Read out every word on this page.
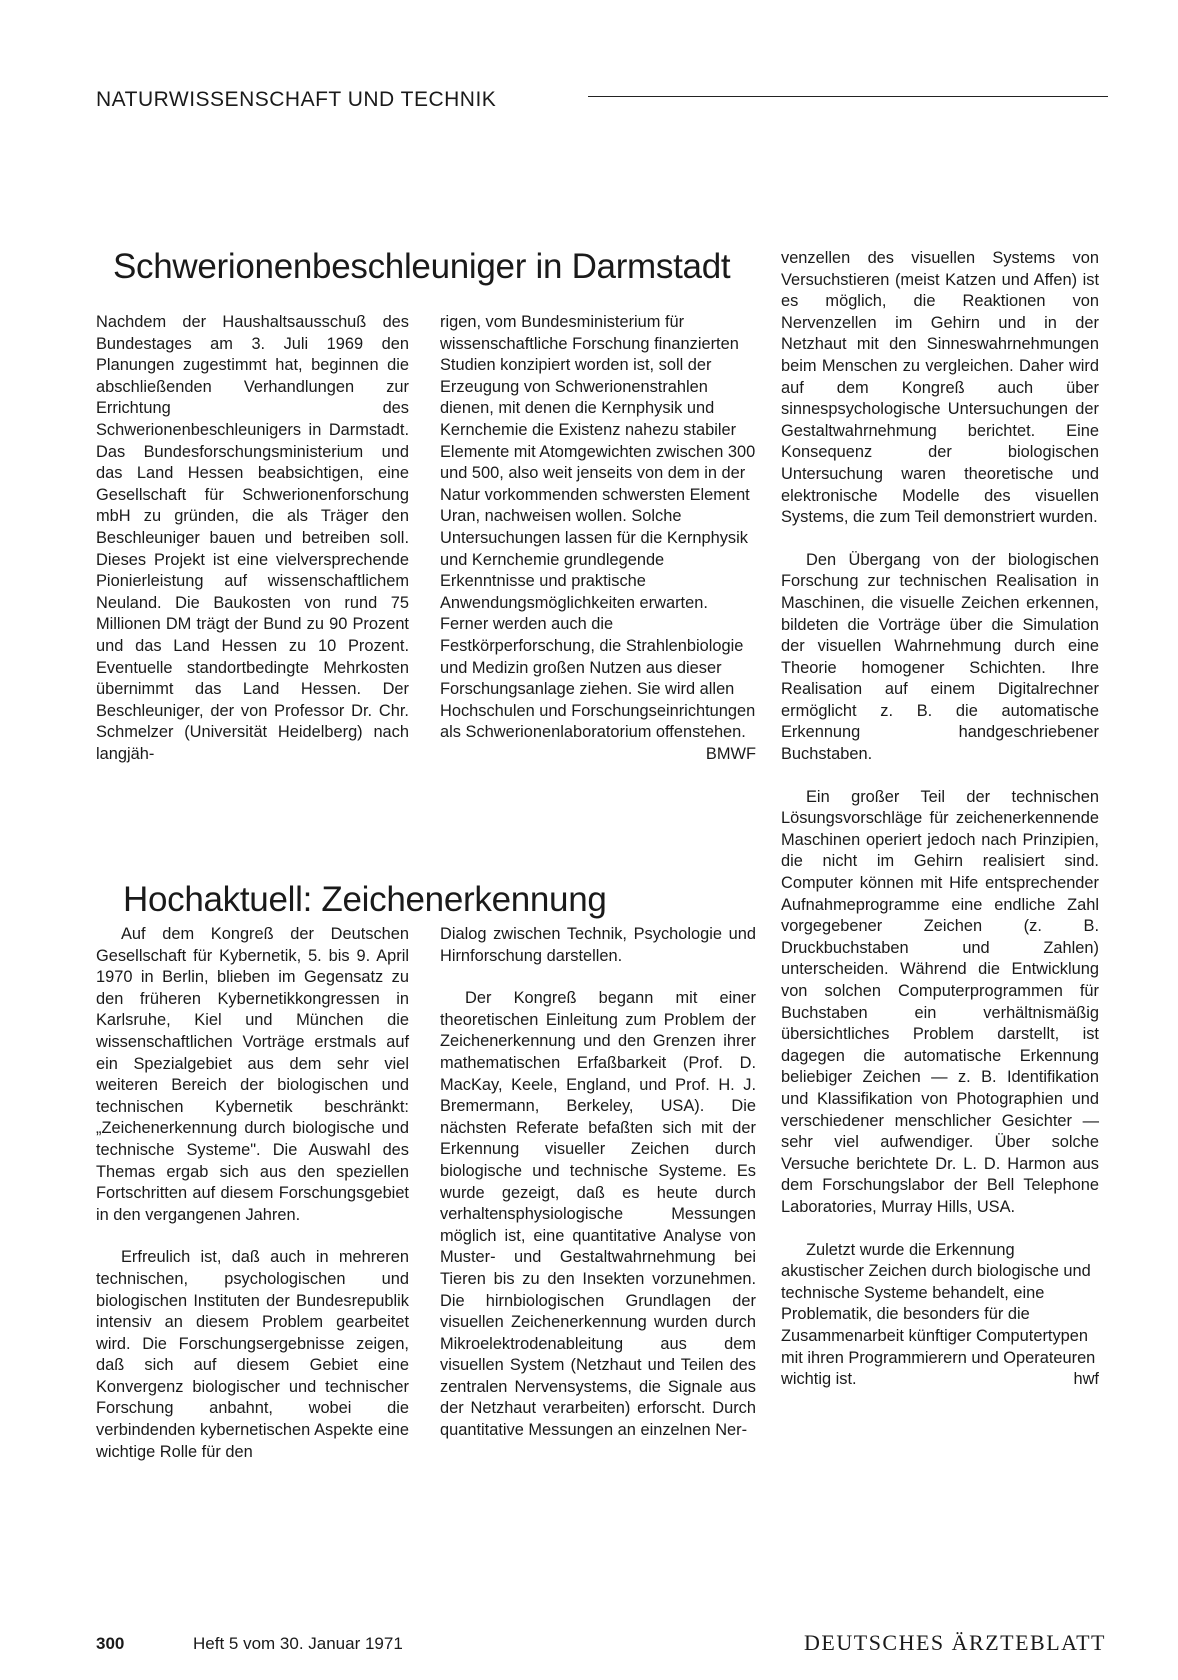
NATURWISSENSCHAFT UND TECHNIK
Schwerionenbeschleuniger in Darmstadt

Nachdem der Haushaltsausschuß des Bundestages am 3. Juli 1969 den Planungen zugestimmt hat, beginnen die abschließenden Verhandlungen zur Errichtung des Schwerionenbeschleunigers in Darmstadt. Das Bundesforschungsministerium und das Land Hessen beabsichtigen, eine Gesellschaft für Schwerionenforschung mbH zu gründen, die als Träger den Beschleuniger bauen und betreiben soll. Dieses Projekt ist eine vielversprechende Pionierleistung auf wissenschaftlichem Neuland. Die Baukosten von rund 75 Millionen DM trägt der Bund zu 90 Prozent und das Land Hessen zu 10 Prozent. Eventuelle standortbedingte Mehrkosten übernimmt das Land Hessen. Der Beschleuniger, der von Professor Dr. Chr. Schmelzer (Universität Heidelberg) nach langjäh-

rigen, vom Bundesministerium für wissenschaftliche Forschung finanzierten Studien konzipiert worden ist, soll der Erzeugung von Schwerionenstrahlen dienen, mit denen die Kernphysik und Kernchemie die Existenz nahezu stabiler Elemente mit Atomgewichten zwischen 300 und 500, also weit jenseits von dem in der Natur vorkommenden schwersten Element Uran, nachweisen wollen. Solche Untersuchungen lassen für die Kernphysik und Kernchemie grundlegende Erkenntnisse und praktische Anwendungsmöglichkeiten erwarten. Ferner werden auch die Festkörperforschung, die Strahlenbiologie und Medizin großen Nutzen aus dieser Forschungsanlage ziehen. Sie wird allen Hochschulen und Forschungseinrichtungen als Schwerionenlaboratorium offenstehen.
BMWF

Hochaktuell: Zeichenerkennung

Auf dem Kongreß der Deutschen Gesellschaft für Kybernetik, 5. bis 9. April 1970 in Berlin, blieben im Gegensatz zu den früheren Kybernetikkongressen in Karlsruhe, Kiel und München die wissenschaftlichen Vorträge erstmals auf ein Spezialgebiet aus dem sehr viel weiteren Bereich der biologischen und technischen Kybernetik beschränkt: „Zeichenerkennung durch biologische und technische Systeme". Die Auswahl des Themas ergab sich aus den speziellen Fortschritten auf diesem Forschungsgebiet in den vergangenen Jahren.

Erfreulich ist, daß auch in mehreren technischen, psychologischen und biologischen Instituten der Bundesrepublik intensiv an diesem Problem gearbeitet wird. Die Forschungsergebnisse zeigen, daß sich auf diesem Gebiet eine Konvergenz biologischer und technischer Forschung anbahnt, wobei die verbindenden kybernetischen Aspekte eine wichtige Rolle für den

Dialog zwischen Technik, Psychologie und Hirnforschung darstellen.

Der Kongreß begann mit einer theoretischen Einleitung zum Problem der Zeichenerkennung und den Grenzen ihrer mathematischen Erfaßbarkeit (Prof. D. MacKay, Keele, England, und Prof. H. J. Bremermann, Berkeley, USA). Die nächsten Referate befaßten sich mit der Erkennung visueller Zeichen durch biologische und technische Systeme. Es wurde gezeigt, daß es heute durch verhaltensphysiologische Messungen möglich ist, eine quantitative Analyse von Muster- und Gestaltwahrnehmung bei Tieren bis zu den Insekten vorzunehmen. Die hirnbiologischen Grundlagen der visuellen Zeichenerkennung wurden durch Mikroelektrodenableitung aus dem visuellen System (Netzhaut und Teilen des zentralen Nervensystems, die Signale aus der Netzhaut verarbeiten) erforscht. Durch quantitative Messungen an einzelnen Ner-

venzellen des visuellen Systems von Versuchstieren (meist Katzen und Affen) ist es möglich, die Reaktionen von Nervenzellen im Gehirn und in der Netzhaut mit den Sinneswahrnehmungen beim Menschen zu vergleichen. Daher wird auf dem Kongreß auch über sinnespsychologische Untersuchungen der Gestaltwahrnehmung berichtet. Eine Konsequenz der biologischen Untersuchung waren theoretische und elektronische Modelle des visuellen Systems, die zum Teil demonstriert wurden.

Den Übergang von der biologischen Forschung zur technischen Realisation in Maschinen, die visuelle Zeichen erkennen, bildeten die Vorträge über die Simulation der visuellen Wahrnehmung durch eine Theorie homogener Schichten. Ihre Realisation auf einem Digitalrechner ermöglicht z. B. die automatische Erkennung handgeschriebener Buchstaben.

Ein großer Teil der technischen Lösungsvorschläge für zeichenerkennende Maschinen operiert jedoch nach Prinzipien, die nicht im Gehirn realisiert sind. Computer können mit Hife entsprechender Aufnahmeprogramme eine endliche Zahl vorgegebener Zeichen (z. B. Druckbuchstaben und Zahlen) unterscheiden. Während die Entwicklung von solchen Computerprogrammen für Buchstaben ein verhältnismäßig übersichtliches Problem darstellt, ist dagegen die automatische Erkennung beliebiger Zeichen — z. B. Identifikation und Klassifikation von Photographien und verschiedener menschlicher Gesichter — sehr viel aufwendiger. Über solche Versuche berichtete Dr. L. D. Harmon aus dem Forschungslabor der Bell Telephone Laboratories, Murray Hills, USA.

Zuletzt wurde die Erkennung akustischer Zeichen durch biologische und technische Systeme behandelt, eine Problematik, die besonders für die Zusammenarbeit künftiger Computertypen mit ihren Programmierern und Operateuren wichtig ist.	hwf

300	Heft 5 vom 30. Januar 1971	DEUTSCHES ÄRZTEBLATT
